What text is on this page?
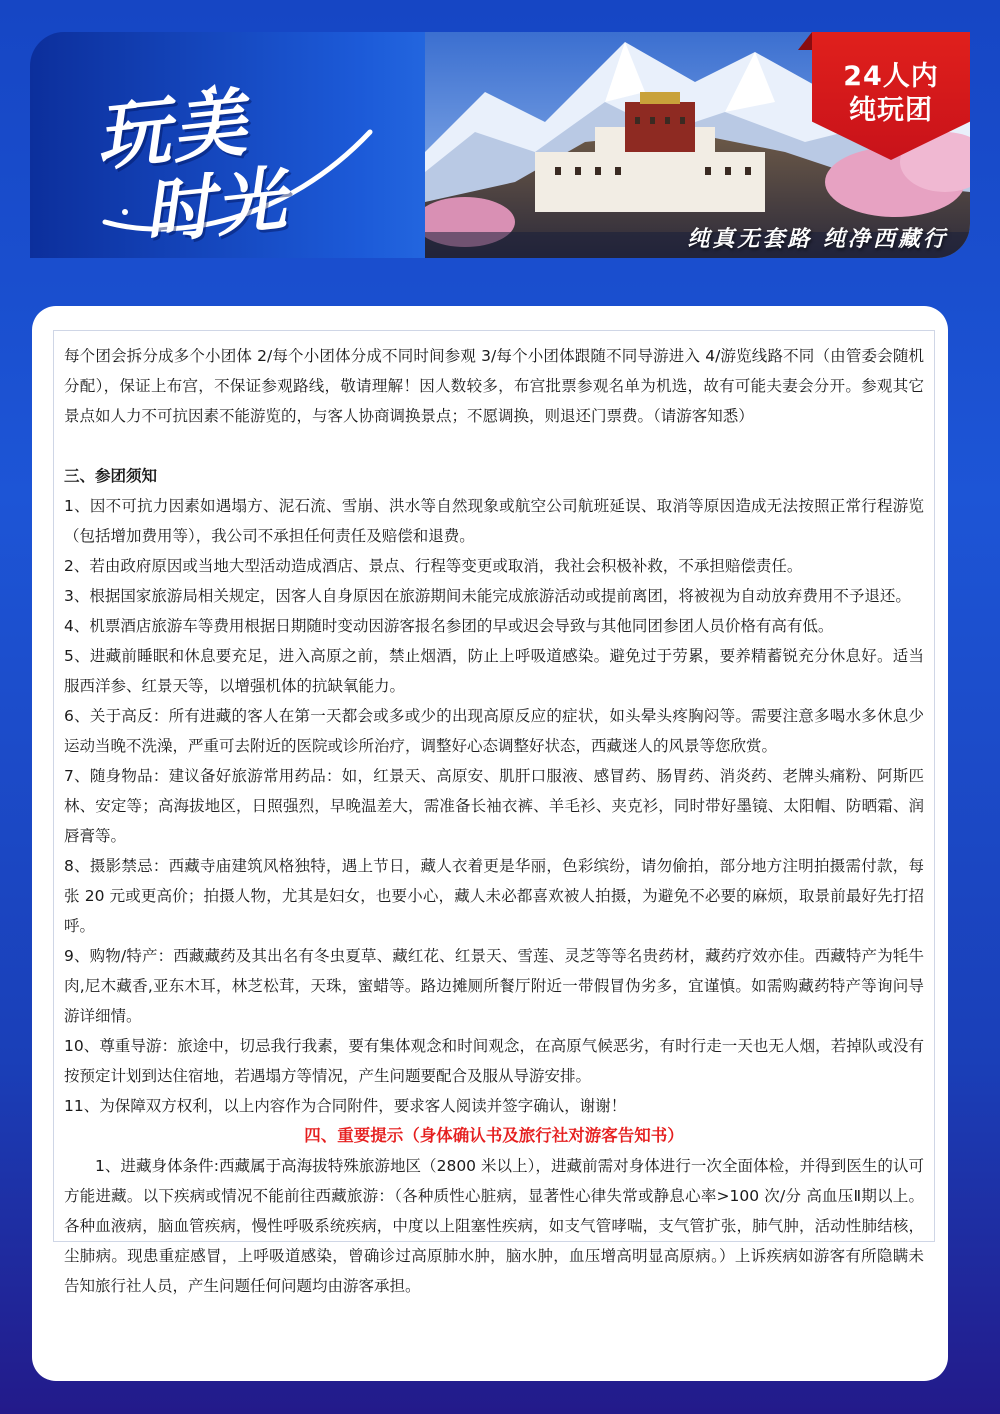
玩美
时光
24人内
纯玩团
纯真无套路 纯净西藏行

每个团会拆分成多个小团体 2/每个小团体分成不同时间参观 3/每个小团体跟随不同导游进入 4/游览线路不同（由管委会随机分配），保证上布宫，不保证参观路线，敬请理解！因人数较多，布宫批票参观名单为机选，故有可能夫妻会分开。参观其它景点如人力不可抗因素不能游览的，与客人协商调换景点；不愿调换，则退还门票费。（请游客知悉）

三、参团须知

1、因不可抗力因素如遇塌方、泥石流、雪崩、洪水等自然现象或航空公司航班延误、取消等原因造成无法按照正常行程游览（包括增加费用等），我公司不承担任何责任及赔偿和退费。

2、若由政府原因或当地大型活动造成酒店、景点、行程等变更或取消，我社会积极补救，不承担赔偿责任。

3、根据国家旅游局相关规定，因客人自身原因在旅游期间未能完成旅游活动或提前离团，将被视为自动放弃费用不予退还。

4、机票酒店旅游车等费用根据日期随时变动因游客报名参团的早或迟会导致与其他同团参团人员价格有高有低。

5、进藏前睡眠和休息要充足，进入高原之前，禁止烟酒，防止上呼吸道感染。避免过于劳累，要养精蓄锐充分休息好。适当服西洋参、红景天等，以增强机体的抗缺氧能力。

6、关于高反：所有进藏的客人在第一天都会或多或少的出现高原反应的症状，如头晕头疼胸闷等。需要注意多喝水多休息少运动当晚不洗澡，严重可去附近的医院或诊所治疗，调整好心态调整好状态，西藏迷人的风景等您欣赏。

7、随身物品：建议备好旅游常用药品：如，红景天、高原安、肌肝口服液、感冒药、肠胃药、消炎药、老牌头痛粉、阿斯匹林、安定等；高海拔地区，日照强烈，早晚温差大，需准备长袖衣裤、羊毛衫、夹克衫，同时带好墨镜、太阳帽、防晒霜、润唇膏等。

8、摄影禁忌：西藏寺庙建筑风格独特，遇上节日，藏人衣着更是华丽，色彩缤纷，请勿偷拍，部分地方注明拍摄需付款，每张 20 元或更高价；拍摄人物，尤其是妇女，也要小心，藏人未必都喜欢被人拍摄，为避免不必要的麻烦，取景前最好先打招呼。

9、购物/特产：西藏藏药及其出名有冬虫夏草、藏红花、红景天、雪莲、灵芝等等名贵药材，藏药疗效亦佳。西藏特产为牦牛肉,尼木藏香,亚东木耳，林芝松茸，天珠，蜜蜡等。路边摊厕所餐厅附近一带假冒伪劣多，宜谨慎。如需购藏药特产等询问导游详细情。

10、尊重导游：旅途中，切忌我行我素，要有集体观念和时间观念，在高原气候恶劣，有时行走一天也无人烟，若掉队或没有按预定计划到达住宿地，若遇塌方等情况，产生问题要配合及服从导游安排。

11、为保障双方权利，以上内容作为合同附件，要求客人阅读并签字确认，谢谢！

四、重要提示（身体确认书及旅行社对游客告知书）

1、进藏身体条件:西藏属于高海拔特殊旅游地区（2800 米以上），进藏前需对身体进行一次全面体检，并得到医生的认可方能进藏。以下疾病或情况不能前往西藏旅游：（各种质性心脏病，显著性心律失常或静息心率>100 次/分 高血压Ⅱ期以上。各种血液病，脑血管疾病，慢性呼吸系统疾病，中度以上阻塞性疾病，如支气管哮喘，支气管扩张，肺气肿，活动性肺结核，尘肺病。现患重症感冒，上呼吸道感染，曾确诊过高原肺水肿，脑水肿，血压增高明显高原病。）上诉疾病如游客有所隐瞒未告知旅行社人员，产生问题任何问题均由游客承担。
